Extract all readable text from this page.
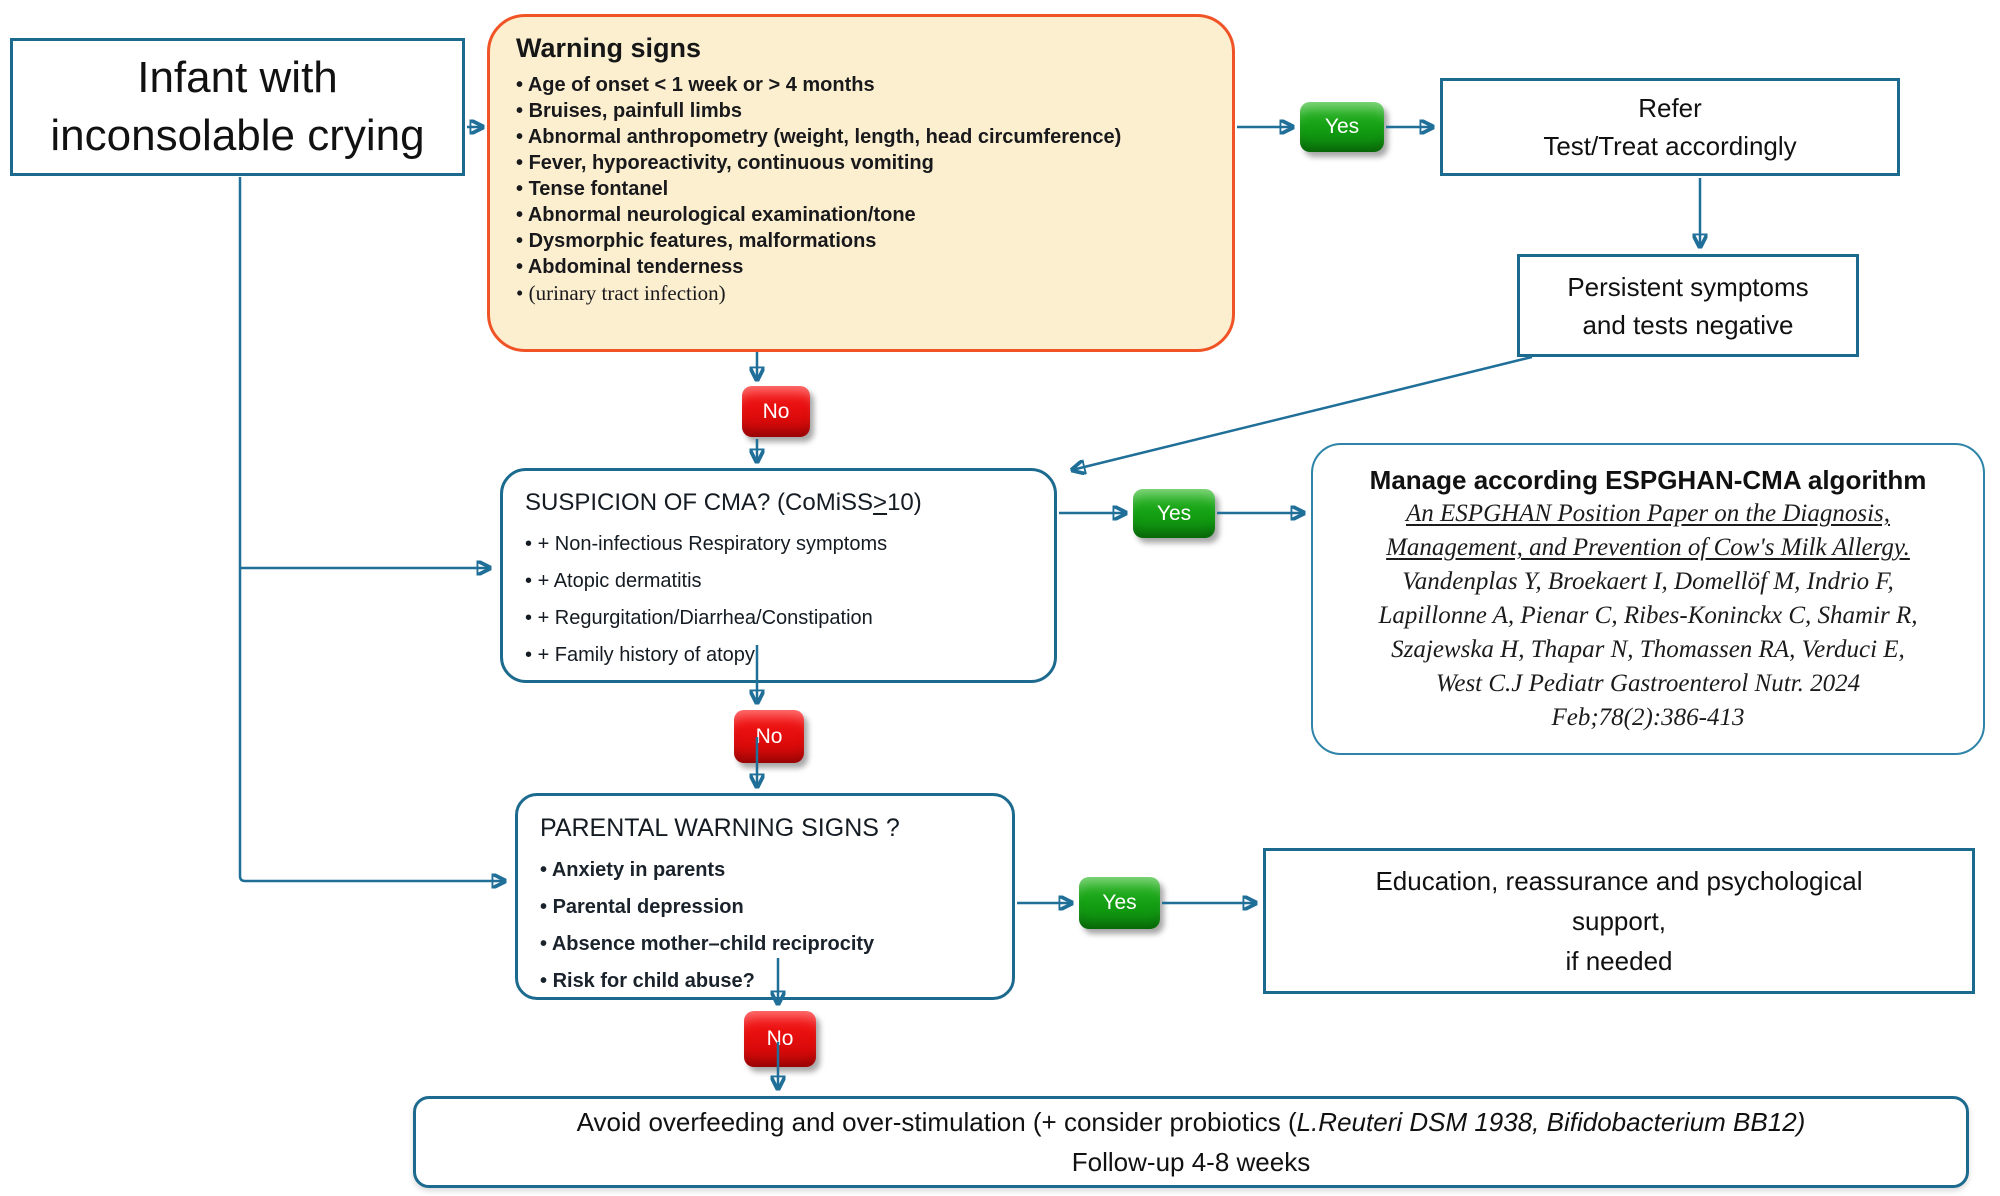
Infant with
inconsolable crying
Warning signs
• Age of onset < 1 week or > 4 months
• Bruises, painfull limbs
• Abnormal anthropometry (weight, length, head circumference)
• Fever, hyporeactivity, continuous vomiting
• Tense fontanel
• Abnormal neurological examination/tone
• Dysmorphic features, malformations
• Abdominal tenderness
• (urinary tract infection)
Refer
Test/Treat accordingly
Persistent symptoms
and tests negative
SUSPICION OF CMA? (CoMiSS≥10)
• + Non-infectious Respiratory symptoms
• + Atopic dermatitis
• + Regurgitation/Diarrhea/Constipation
• + Family history of atopy
Manage according ESPGHAN-CMA algorithm
An ESPGHAN Position Paper on the Diagnosis,
Management, and Prevention of Cow's Milk Allergy.
Vandenplas Y, Broekaert I, Domellöf M, Indrio F,
Lapillonne A, Pienar C, Ribes-Koninckx C, Shamir R,
Szajewska H, Thapar N, Thomassen RA, Verduci E,
West C.J Pediatr Gastroenterol Nutr. 2024
Feb;78(2):386-413
PARENTAL WARNING SIGNS ?
• Anxiety in parents
• Parental depression
• Absence mother–child reciprocity
• Risk for child abuse?
Education, reassurance and psychological
support,
if needed
Avoid overfeeding and over-stimulation (+ consider probiotics (L.Reuteri DSM 1938, Bifidobacterium BB12)
Follow-up 4-8 weeks
Yes
Yes
Yes
No
No
No
